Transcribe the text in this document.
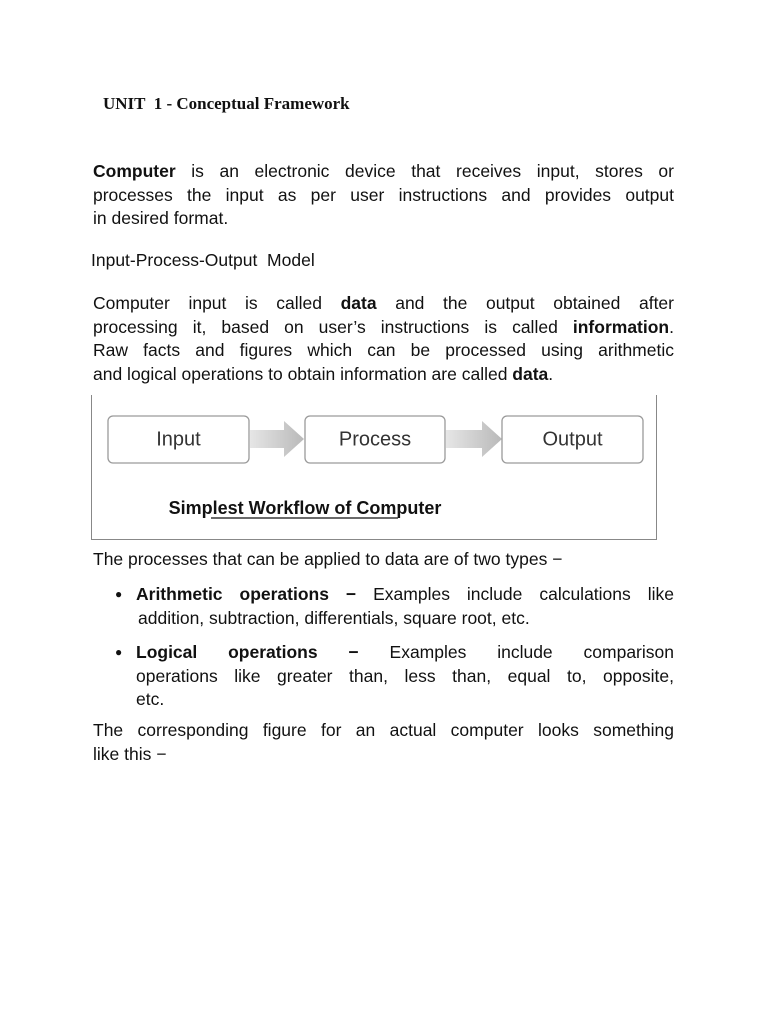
UNIT  1 - Conceptual Framework

Computer is an electronic device that receives input, stores or
processes the input as per user instructions and provides output
in desired format.

Input-Process-Output  Model

Computer input is called data and the output obtained after
processing it, based on user’s instructions is called information.
Raw facts and figures which can be processed using arithmetic
and logical operations to obtain information are called data.

Input	Process	Output
Simplest Workflow of Computer

The processes that can be applied to data are of two types −

● Arithmetic operations − Examples include calculations like
addition, subtraction, differentials, square root, etc.
● Logical operations − Examples include comparison
operations like greater than, less than, equal to, opposite,
etc.

The corresponding figure for an actual computer looks something
like this −
